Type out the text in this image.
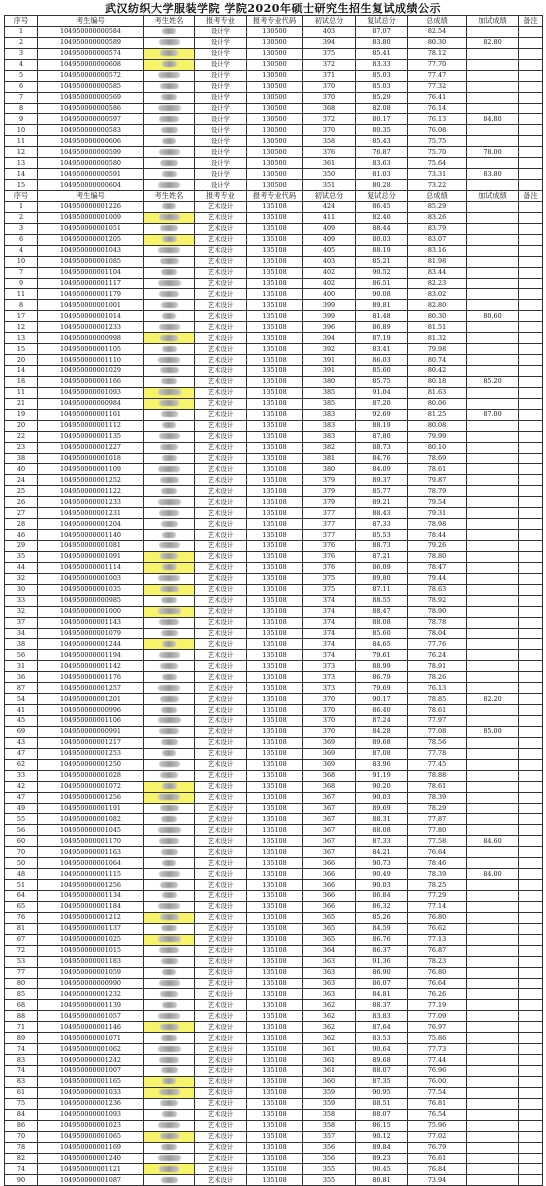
武汉纺织大学服装学院 学院2020年硕士研究生招生复试成绩公示
序号	考生编号	考生姓名	报考专业	报考专业代码	初试总分	复试总分	总成绩	加试成绩	备注
1	104950000000584		设计学	130500	403	87.07	82.54		
2	104950000000589		设计学	130500	394	83.80	80.30	82.80	
3	104950000000574		设计学	130500	375	85.41	78.12		
4	104950000000608		设计学	130500	372	83.33	77.70		
5	104950000000572		设计学	130500	371	85.03	77.47		
6	104950000000585		设计学	130500	370	85.03	77.32		
7	104950000000569		设计学	130500	370	85.29	76.41		
8	104950000000586		设计学	130500	368	82.08	76.14		
9	104950000000597		设计学	130500	372	80.17	76.13	84.80	
10	104950000000583		设计学	130500	370	80.35	76.08		
11	104950000000606		设计学	130500	358	85.43	75.75		
12	104950000000599		设计学	130500	376	76.87	75.70	78.00	
13	104950000000580		设计学	130500	361	83.63	75.64		
14	104950000000591		设计学	130500	350	81.03	73.31	83.80	
15	104950000000604		设计学	130500	351	80.28	73.22		
序号	考生编号	考生姓名	报考专业	报考专业代码	初试总分	复试总分	总成绩	加试成绩	备注
1	104950000001226		艺术设计	135108	424	86.45	85.29		
2	104950000001009		艺术设计	135108	411	82.40	83.26		
3	104950000001051		艺术设计	135108	409	88.44	83.79		
6	104950000001205		艺术设计	135108	409	80.03	83.07		
4	104950000001043		艺术设计	135108	405	88.19	83.16		
10	104950000001085		艺术设计	135108	403	85.21	81.98		
7	104950000001104		艺术设计	135108	402	90.52	83.44		
9	104950000001117		艺术设计	135108	402	86.51	82.23		
11	104950000001179		艺术设计	135108	400	90.08	83.02		
8	104950000001001		艺术设计	135108	399	89.81	82.80		
17	104950000001014		艺术设计	135108	399	81.48	80.30	80.60	
12	104950000001233		艺术设计	135108	396	86.89	81.51		
13	104950000000998		艺术设计	135108	394	87.19	81.32		
15	104950000001105		艺术设计	135108	392	83.41	79.98		
20	104950000001110		艺术设计	135108	391	86.03	80.74		
14	104950000001029		艺术设计	135108	391	85.60	80.42		
18	104950000001166		艺术设计	135108	380	85.75	80.18	85.20	
11	104950000001093		艺术设计	135108	385	91.04	81.63		
21	104950000000984		艺术设计	135108	385	87.20	80.06		
19	104950000001161		艺术设计	135108	383	92.69	81.25	87.00	
20	104950000001112		艺术设计	135108	383	88.19	80.08		
22	104950000001135		艺术设计	135108	383	87.80	79.99		
23	104950000001227		艺术设计	135108	382	88.73	80.10		
38	104950000001018		艺术设计	135108	381	84.76	78.69		
40	104950000001109		艺术设计	135108	380	84.09	78.61		
24	104950000001252		艺术设计	135108	379	89.37	79.87		
25	104950000001122		艺术设计	135108	379	85.77	78.79		
26	104950000001233		艺术设计	135108	379	89.21	79.54		
27	104950000001231		艺术设计	135108	377	88.43	79.31		
28	104950000001204		艺术设计	135108	377	87.33	78.98		
46	104950000001140		艺术设计	135108	377	85.53	78.44		
29	104950000001081		艺术设计	135108	376	88.73	79.26		
35	104950000001091		艺术设计	135108	376	87.21	78.80		
44	104950000001114		艺术设计	135108	376	86.09	78.47		
32	104950000001003		艺术设计	135108	375	89.80	79.44		
30	104950000001035		艺术设计	135108	375	87.11	78.63		
33	104950000000985		艺术设计	135108	374	88.55	78.92		
32	104950000001000		艺术设计	135108	374	88.47	78.90		
37	104950000001143		艺术设计	135108	374	88.08	78.78		
34	104950000001079		艺术设计	135108	374	85.60	78.04		
38	104950000001244		艺术设计	135108	374	84.65	77.76		
56	104950000001194		艺术设计	135108	374	79.61	76.24		
31	104950000001142		艺术设计	135108	373	88.99	78.91		
36	104950000001176		艺术设计	135108	373	86.79	78.26		
87	104950000001257		艺术设计	135108	373	79.69	76.13		
54	104950000001201		艺术设计	135108	370	90.17	78.85	82.20	
41	104950000000996		艺术设计	135108	370	86.40	78.61		
45	104950000001106		艺术设计	135108	370	87.24	77.97		
69	104950000000991		艺术设计	135108	370	84.28	77.08	85.00	
43	104950000001217		艺术设计	135108	369	89.68	78.56		
47	104950000001253		艺术设计	135108	369	87.08	77.78		
62	104950000001250		艺术设计	135108	369	83.96	77.45		
33	104950000001028		艺术设计	135108	368	91.19	78.88		
42	104950000001072		艺术设计	135108	368	90.20	78.61		
47	104950000001256		艺术设计	135108	367	90.03	78.39		
49	104950000001191		艺术设计	135108	367	89.69	78.29		
55	104950000001082		艺术设计	135108	367	88.31	77.87		
56	104950000001045		艺术设计	135108	367	88.08	77.80		
60	104950000001170		艺术设计	135108	367	87.33	77.58	84.60	
70	104950000001163		艺术设计	135108	367	84.21	76.64		
50	104950000001064		艺术设计	135108	366	90.73	78.46		
48	104950000001115		艺术设计	135108	366	90.49	78.39	84.00	
51	104950000001256		艺术设计	135108	366	90.03	78.25		
64	104950000001134		艺术设计	135108	366	86.84	77.29		
65	104950000001184		艺术设计	135108	366	86.32	77.14		
76	104950000001212		艺术设计	135108	365	85.26	76.80		
81	104950000001137		艺术设计	135108	365	84.59	76.62		
67	104950000001025		艺术设计	135108	365	86.76	77.13		
72	104950000001015		艺术设计	135108	364	86.37	76.87		
53	104950000001183		艺术设计	135108	363	91.36	78.23		
77	104950000001059		艺术设计	135108	363	86.90	76.80		
80	104950000000990		艺术设计	135108	363	86.07	76.64		
85	104950000001232		艺术设计	135108	363	84.81	76.26		
68	104950000001139		艺术设计	135108	362	88.37	77.19		
88	104950000001057		艺术设计	135108	362	83.83	77.09		
71	104950000001146		艺术设计	135108	362	87.64	76.97		
89	104950000001071		艺术设计	135108	362	83.53	75.86		
74	104950000001062		艺术设计	135108	361	90.64	77.73		
83	104950000001242		艺术设计	135108	361	89.68	77.44		
74	104950000001007		艺术设计	135108	361	88.07	76.96		
83	104950000001165		艺术设计	135108	360	87.35	76.00		
61	104950000001033		艺术设计	135108	359	90.95	77.54		
75	104950000001236		艺术设计	135108	359	88.51	76.81		
84	104950000001093		艺术设计	135108	358	88.07	76.54		
86	104950000001023		艺术设计	135108	358	86.15	75.96		
70	104950000001065		艺术设计	135108	357	90.12	77.02		
78	104950000001169		艺术设计	135108	356	89.84	76.79		
82	104950000001240		艺术设计	135108	356	89.23	76.61		
74	104950000001121		艺术设计	135108	355	90.45	76.84		
90	104950000001087		艺术设计	135108	355	80.81	73.94		
